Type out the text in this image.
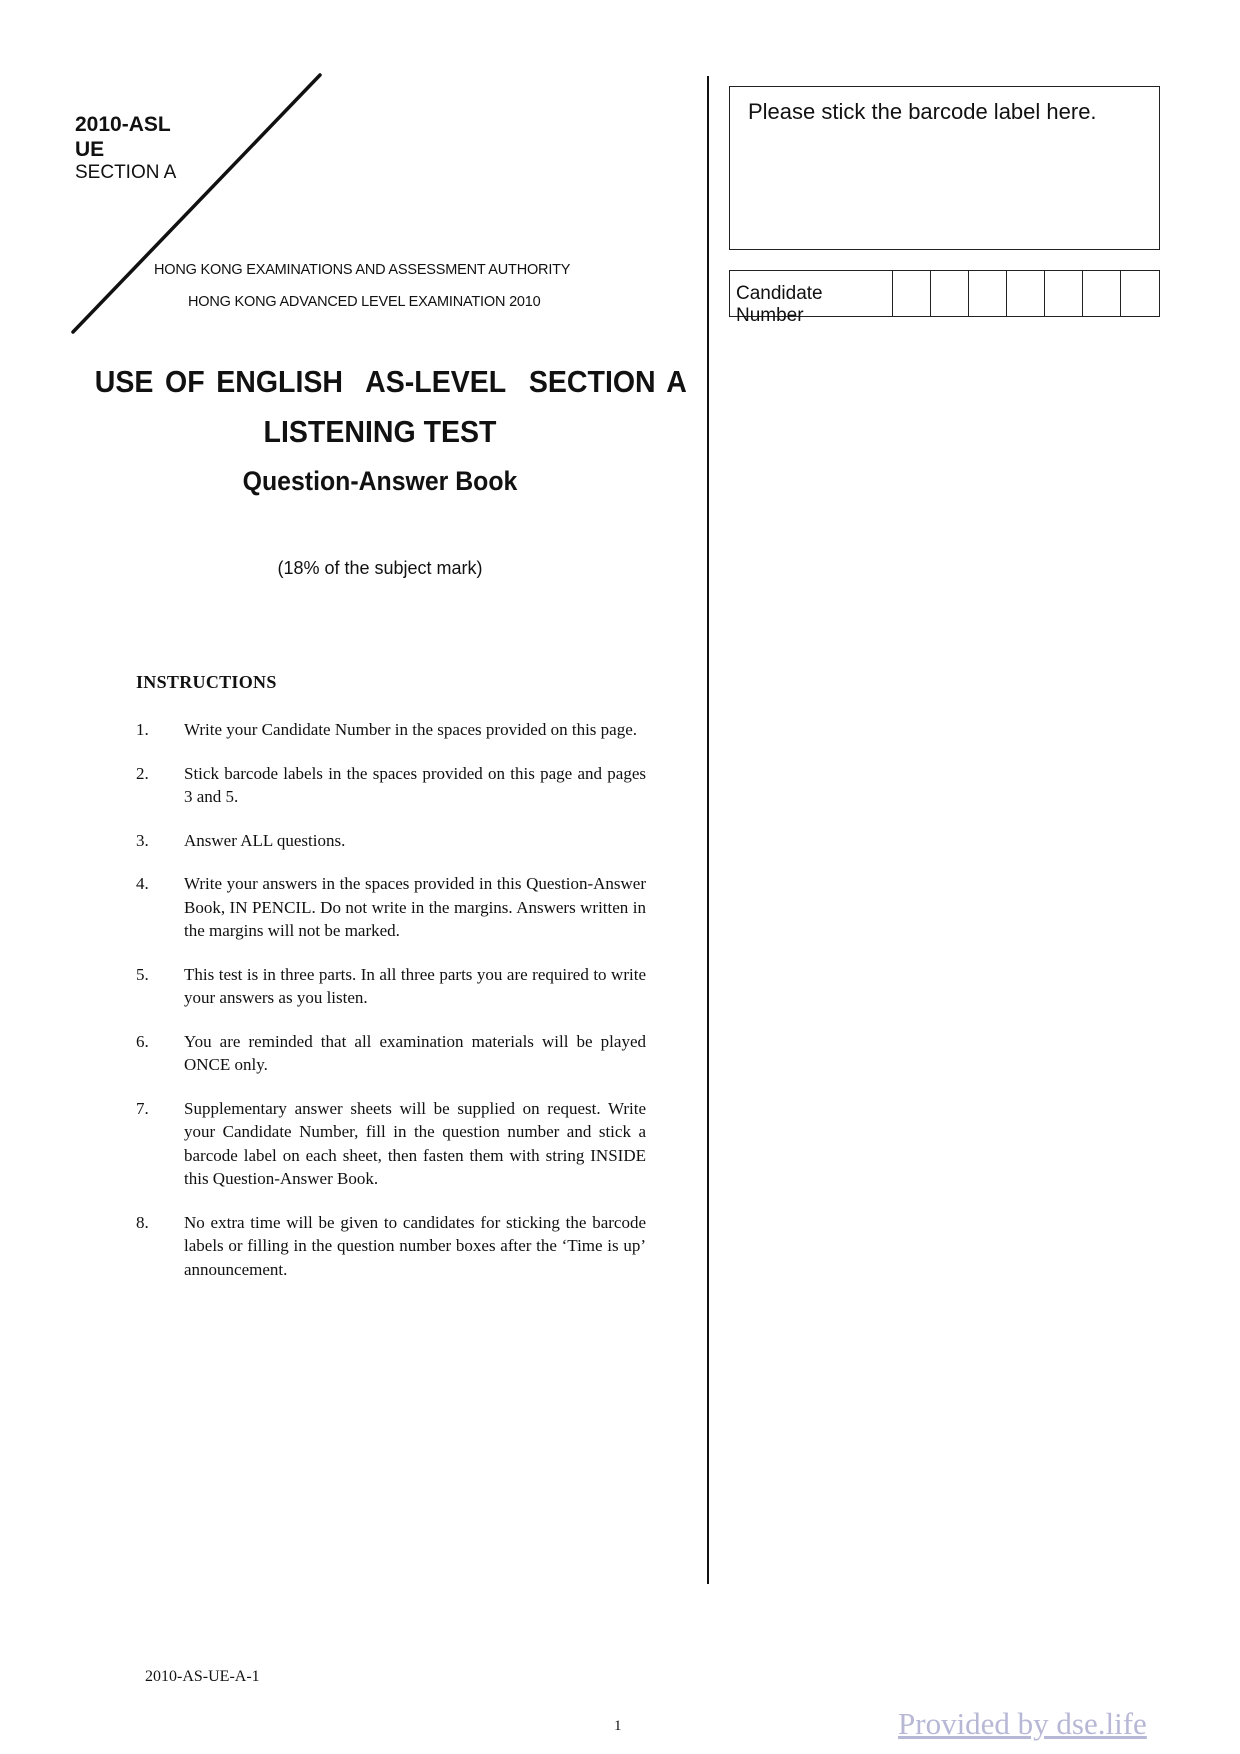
2010-ASL
UE
SECTION A
HONG KONG EXAMINATIONS AND ASSESSMENT AUTHORITY
HONG KONG ADVANCED LEVEL EXAMINATION 2010
USE OF ENGLISH  AS-LEVEL  SECTION A
LISTENING TEST
Question-Answer Book
(18% of the subject mark)
INSTRUCTIONS
1.	Write your Candidate Number in the spaces provided on this page.
2.	Stick barcode labels in the spaces provided on this page and pages 3 and 5.
3.	Answer ALL questions.
4.	Write your answers in the spaces provided in this Question-Answer Book, IN PENCIL. Do not write in the margins. Answers written in the margins will not be marked.
5.	This test is in three parts. In all three parts you are required to write your answers as you listen.
6.	You are reminded that all examination materials will be played ONCE only.
7.	Supplementary answer sheets will be supplied on request. Write your Candidate Number, fill in the question number and stick a barcode label on each sheet, then fasten them with string INSIDE this Question-Answer Book.
8.	No extra time will be given to candidates for sticking the barcode labels or filling in the question number boxes after the ‘Time is up’ announcement.
Please stick the barcode label here.
Candidate Number
2010-AS-UE-A-1
1	Provided by dse.life
